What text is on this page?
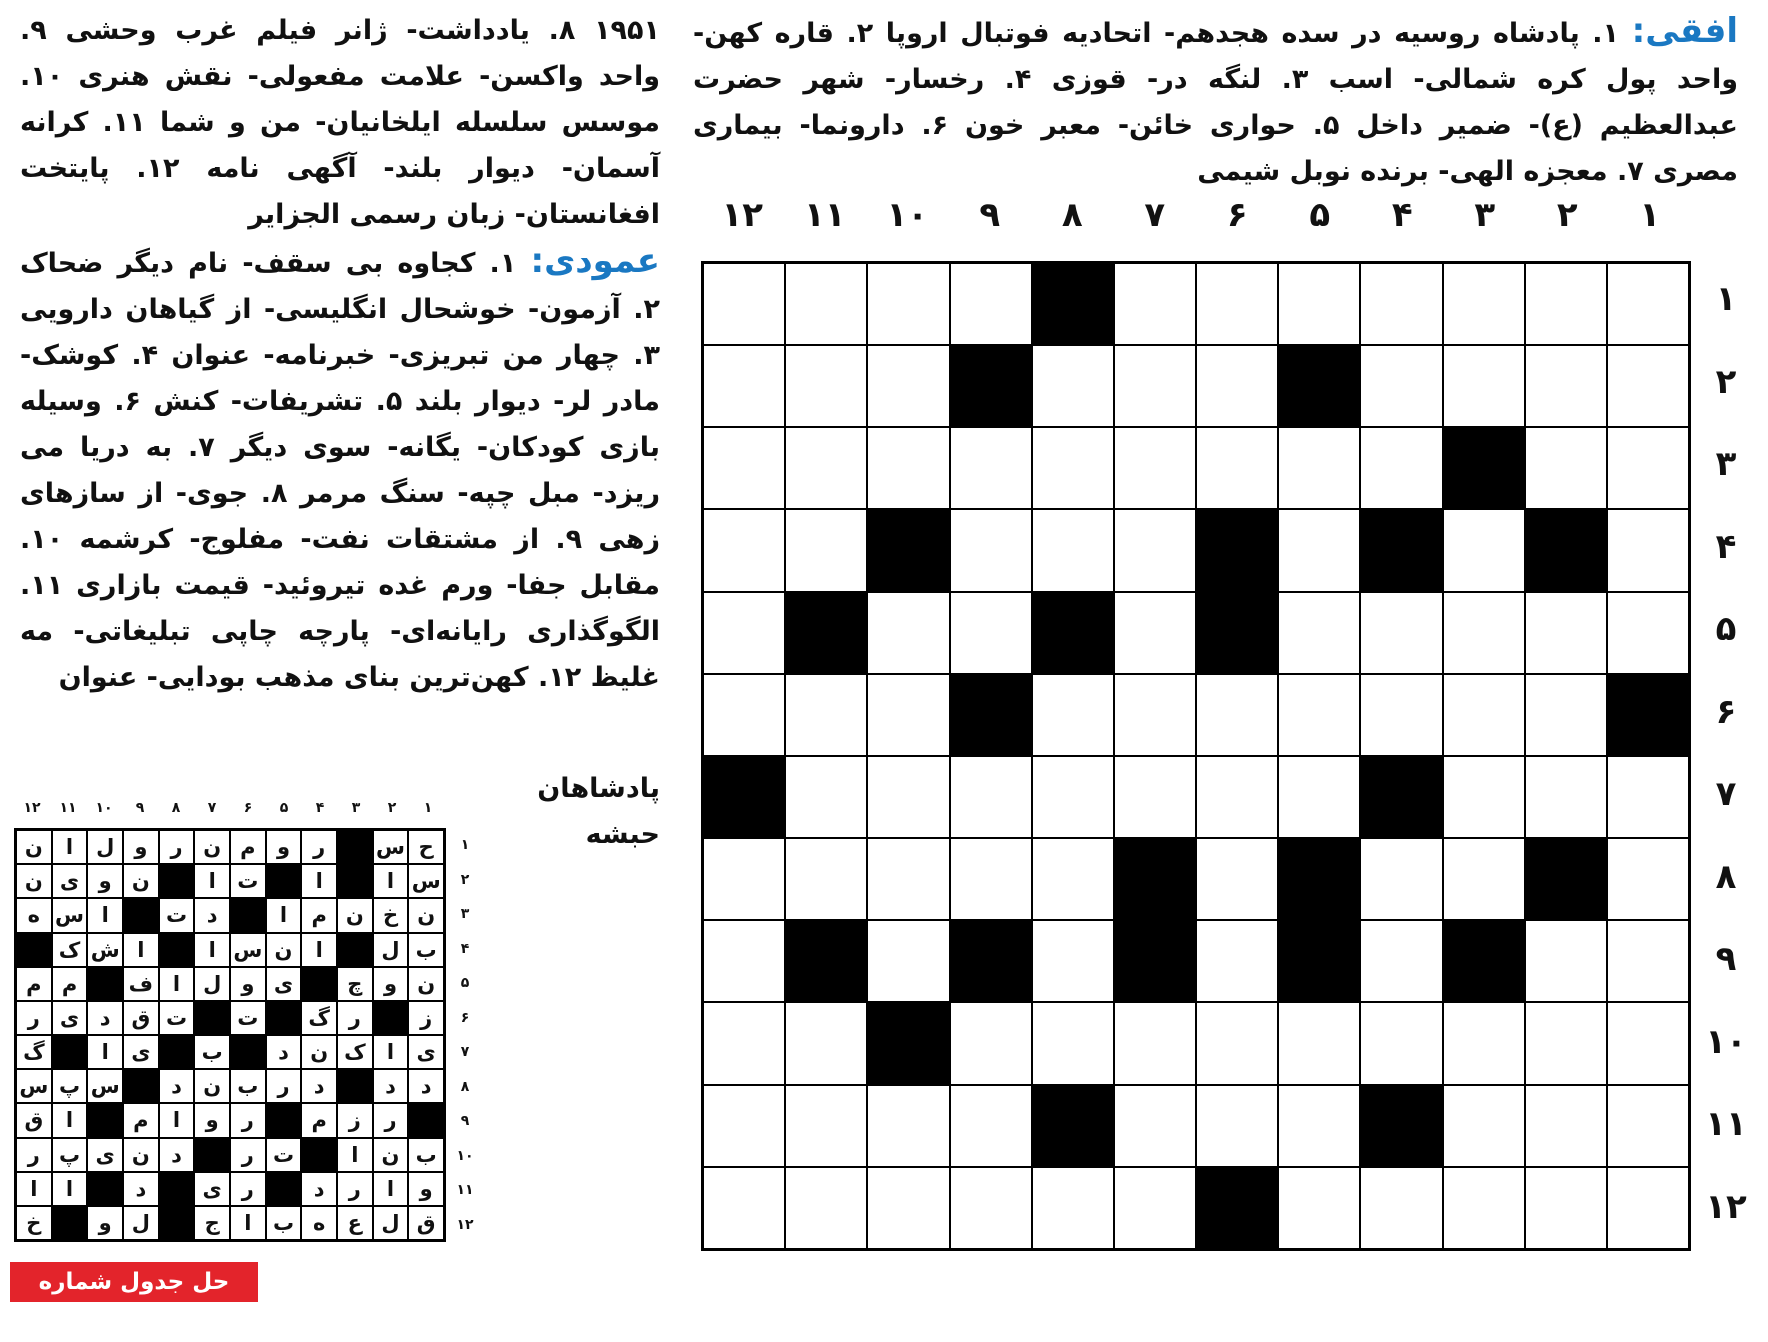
افقی: ۱. پادشاه روسیه در سده هجدهم- اتحادیه فوتبال اروپا ۲. قاره کهن- واحد پول کره شمالی- اسب ۳. لنگه در- قوزی ۴. رخسار- شهر حضرت عبدالعظیم (ع)- ضمیر داخل ۵. حواری خائن- معبر خون ۶. دارونما- بیماری مصری ۷. معجزه الهی- برنده نوبل شیمی
۱۹۵۱ ۸. یادداشت- ژانر فیلم غرب وحشی ۹. واحد واکسن- علامت مفعولی- نقش هنری ۱۰. موسس سلسله ایلخانیان- من و شما ۱۱. کرانه آسمان- دیوار بلند- آگهی نامه ۱۲. پایتخت افغانستان- زبان رسمی الجزایر
عمودی: ۱. کجاوه بی سقف- نام دیگر ضحاک ۲. آزمون- خوشحال انگلیسی- از گیاهان دارویی ۳. چهار من تبریزی- خبرنامه- عنوان ۴. کوشک- مادر لر- دیوار بلند ۵. تشریفات- کنش ۶. وسیله بازی کودکان- یگانه- سوی دیگر ۷. به دریا می ریزد- مبل چپه- سنگ مرمر ۸. جوی- از سازهای زهی ۹. از مشتقات نفت- مفلوج- کرشمه ۱۰. مقابل جفا- ورم غده تیروئید- قیمت بازاری ۱۱. الگوگذاری رایانه‌ای- پارچه چاپی تبلیغاتی- مه غلیظ ۱۲. کهن‌ترین بنای مذهب بودایی- عنوان
پادشاهان حبشه
۱
۲
۳
۴
۵
۶
۷
۸
۹
۱۰
۱۱
۱۲
۱
۲
۳
۴
۵
۶
۷
۸
۹
۱۰
۱۱
۱۲
۱
۲
۳
۴
۵
۶
۷
۸
۹
۱۰
۱۱
۱۲
۱
۲
۳
۴
۵
۶
۷
۸
۹
۱۰
۱۱
۱۲
ح
س
ر
و
م
ن
ر
و
ل
ا
ن
س
ا
ا
ت
ا
ن
و
ی
ن
ن
خ
ن
م
ا
د
ت
ا
س
ه
ب
ل
ا
ن
س
ا
ا
ش
ک
ن
و
چ
ی
و
ل
ا
ف
م
م
ز
ر
گ
ت
ت
ق
د
ی
ر
ی
ا
ک
ن
د
ب
ی
ا
گ
د
د
د
ر
ب
ن
د
س
پ
س
ر
ز
م
ر
و
ا
م
ا
ق
ب
ن
ا
ت
ر
د
ن
ی
پ
ر
و
ا
ر
د
ر
ی
د
ا
ا
ق
ل
ع
ه
ب
ا
ج
ل
و
خ
حل جدول شماره ۱۸۲۲
